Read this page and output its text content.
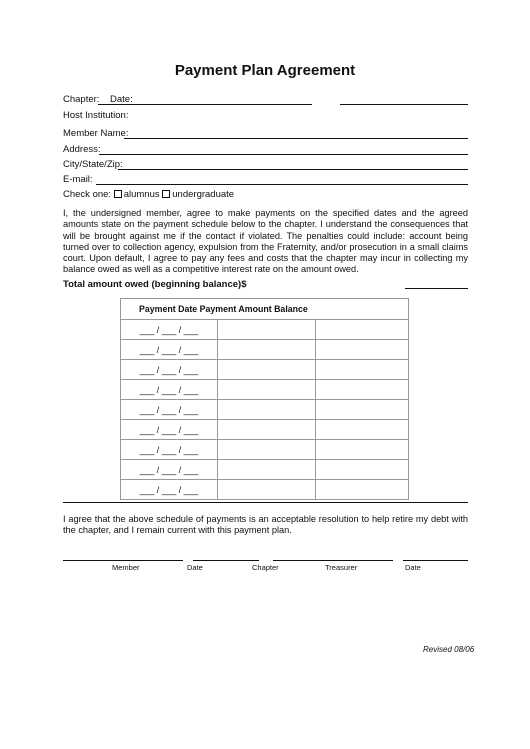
Payment Plan Agreement
Chapter: Date:
Host Institution:
Member Name:
Address:
City/State/Zip:
E-mail:
Check one: alumnus undergraduate
I, the undersigned member, agree to make payments on the specified dates and the agreed amounts state on the payment schedule below to the chapter. I understand the consequences that will be brought against me if the contact if violated. The penalties could include: account being turned over to collection agency, expulsion from the Fraternity, and/or prosecution in a small claims court. Upon default, I agree to pay any fees and costs that the chapter may incur in collecting my balance owed as well as a competitive interest rate on the amount owed.
Total amount owed (beginning balance)$
Payment Date Payment Amount Balance		
___ / ___ / ___		
___ / ___ / ___		
___ / ___ / ___		
___ / ___ / ___		
___ / ___ / ___		
___ / ___ / ___		
___ / ___ / ___		
___ / ___ / ___		
___ / ___ / ___		
I agree that the above schedule of payments is an acceptable resolution to help retire my debt with the chapter, and I remain current with this payment plan.
Member	Date	Chapter	Treasurer	Date
Revised 08/06
